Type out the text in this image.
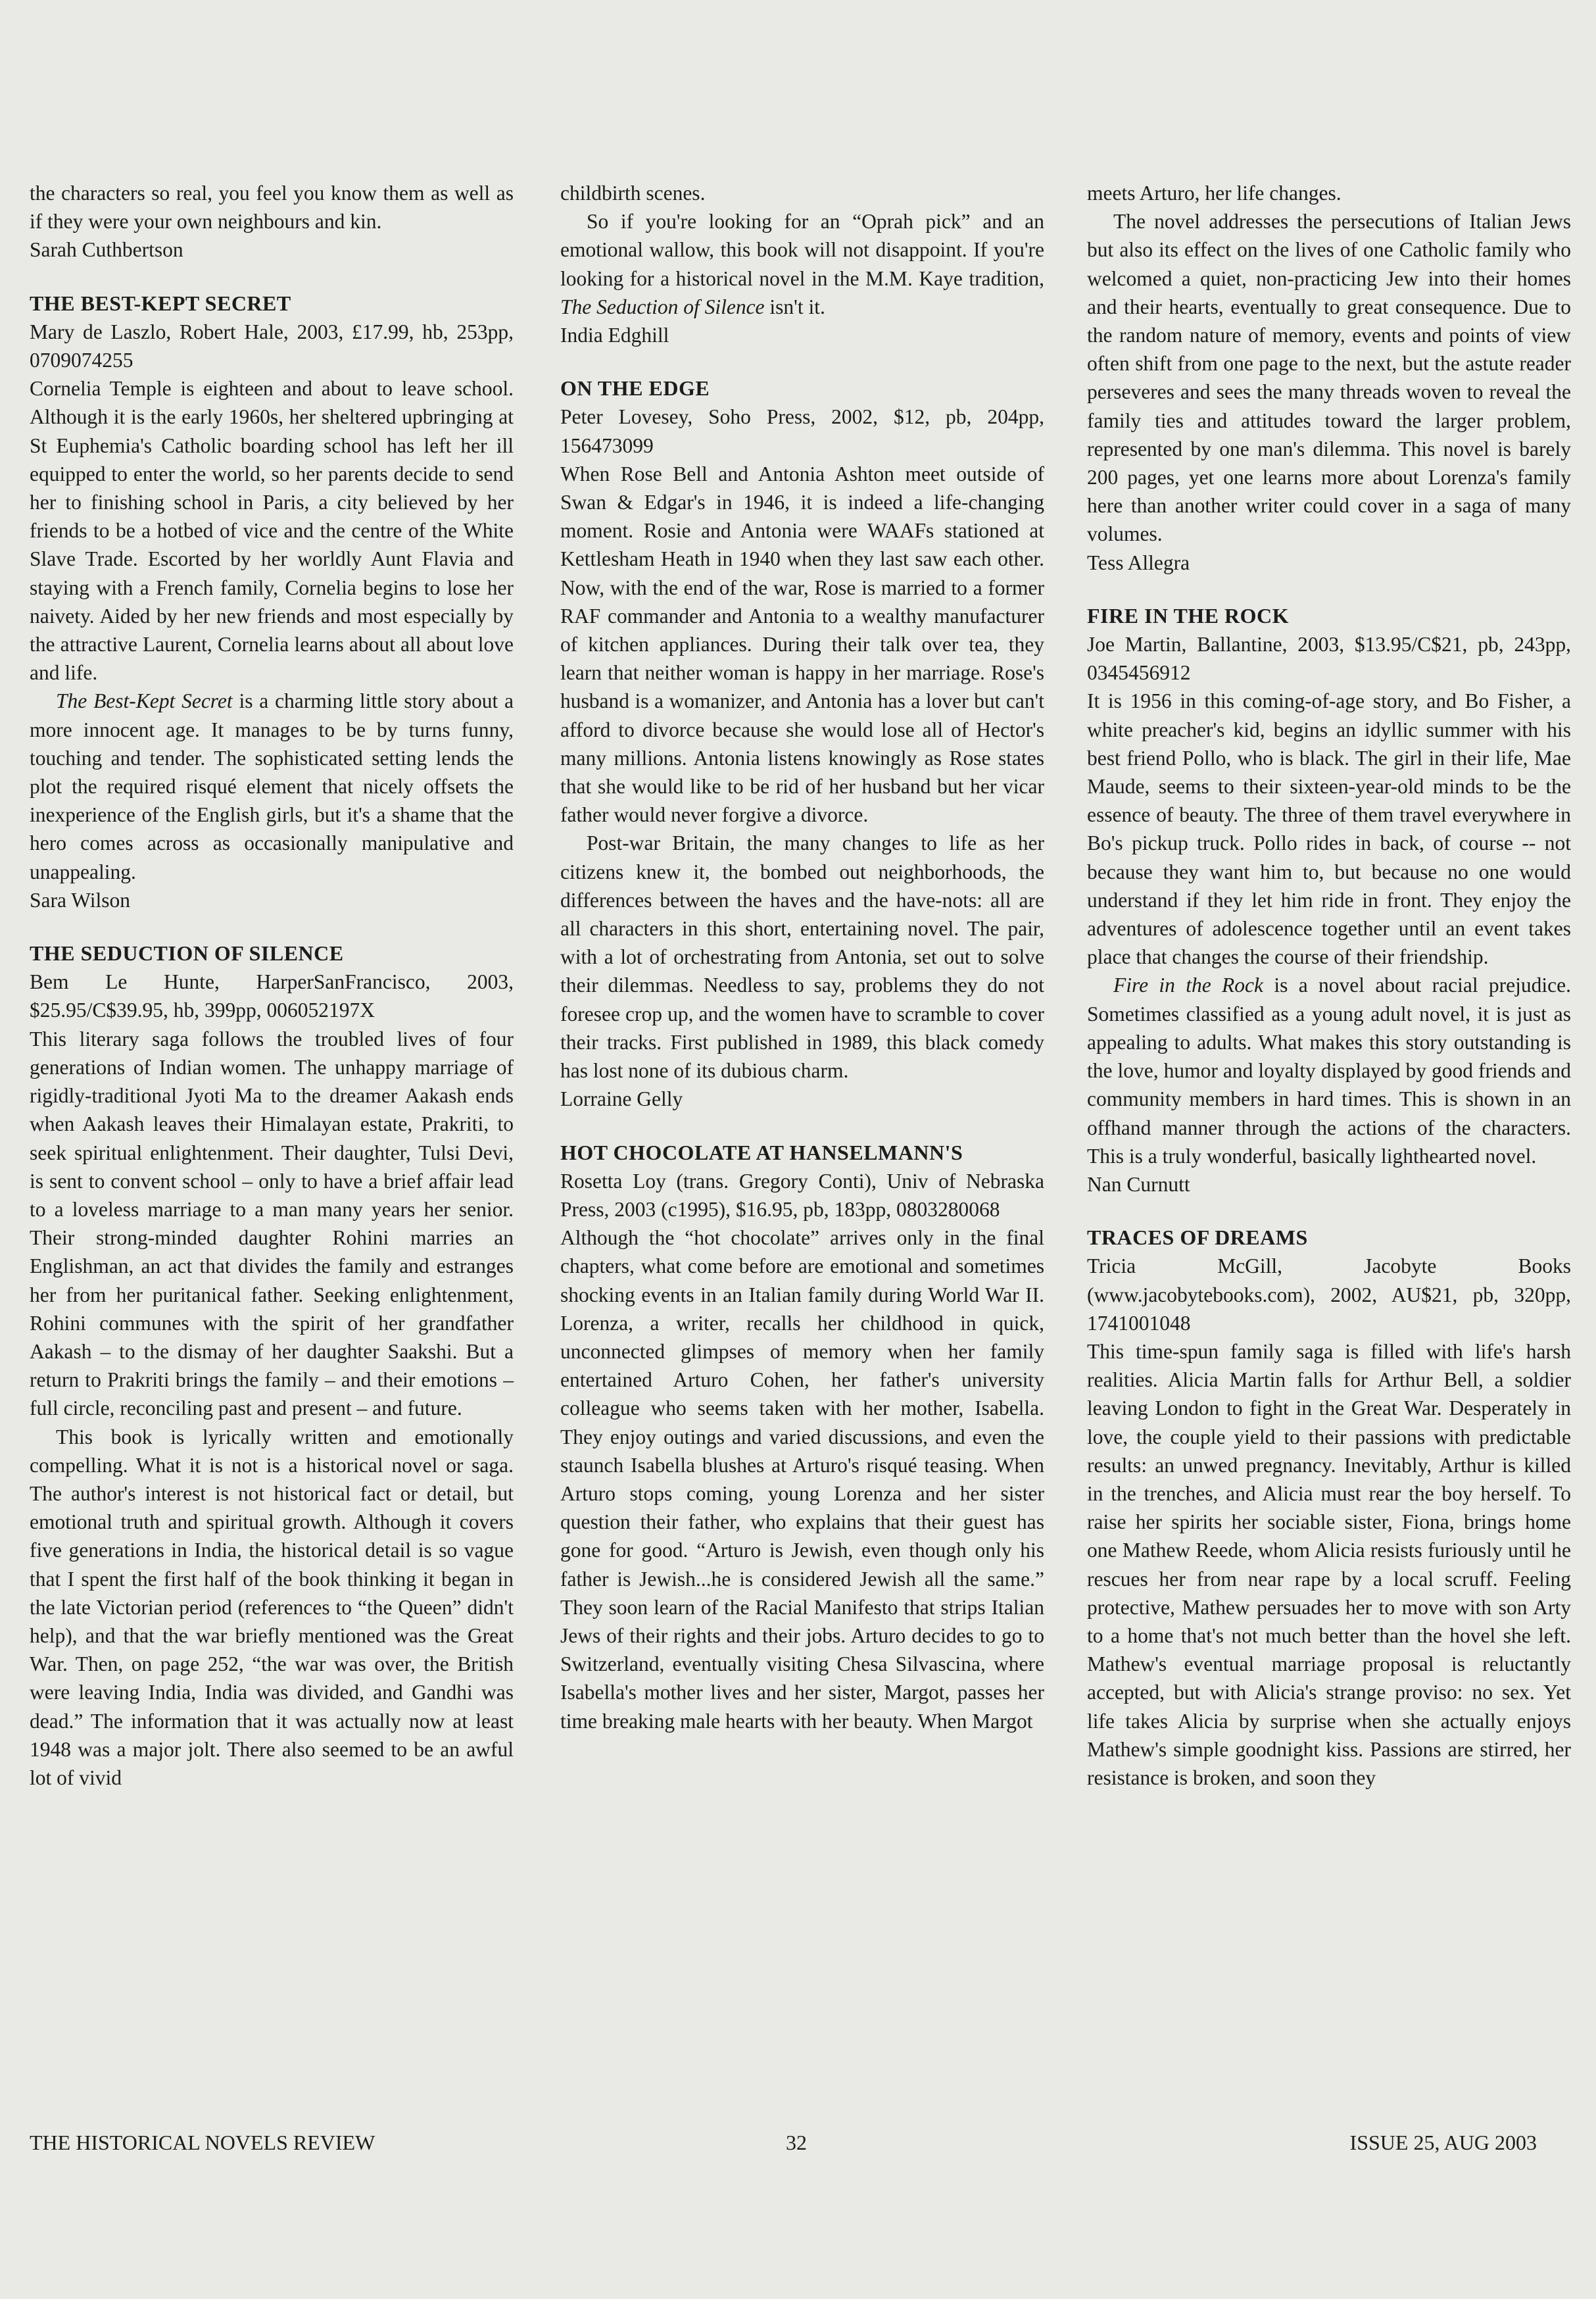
the characters so real, you feel you know them as well as if they were your own neighbours and kin.

Sarah Cuthbertson

THE BEST-KEPT SECRET

Mary de Laszlo, Robert Hale, 2003, £17.99, hb, 253pp, 0709074255

Cornelia Temple is eighteen and about to leave school. Although it is the early 1960s, her sheltered upbringing at St Euphemia's Catholic boarding school has left her ill equipped to enter the world, so her parents decide to send her to finishing school in Paris, a city believed by her friends to be a hotbed of vice and the centre of the White Slave Trade. Escorted by her worldly Aunt Flavia and staying with a French family, Cornelia begins to lose her naivety. Aided by her new friends and most especially by the attractive Laurent, Cornelia learns about all about love and life.

The Best-Kept Secret is a charming little story about a more innocent age. It manages to be by turns funny, touching and tender. The sophisticated setting lends the plot the required risqué element that nicely offsets the inexperience of the English girls, but it's a shame that the hero comes across as occasionally manipulative and unappealing.

Sara Wilson

THE SEDUCTION OF SILENCE

Bem Le Hunte, HarperSanFrancisco, 2003, $25.95/C$39.95, hb, 399pp, 006052197X

This literary saga follows the troubled lives of four generations of Indian women. The unhappy marriage of rigidly-traditional Jyoti Ma to the dreamer Aakash ends when Aakash leaves their Himalayan estate, Prakriti, to seek spiritual enlightenment. Their daughter, Tulsi Devi, is sent to convent school – only to have a brief affair lead to a loveless marriage to a man many years her senior. Their strong-minded daughter Rohini marries an Englishman, an act that divides the family and estranges her from her puritanical father. Seeking enlightenment, Rohini communes with the spirit of her grandfather Aakash – to the dismay of her daughter Saakshi. But a return to Prakriti brings the family – and their emotions – full circle, reconciling past and present – and future.

This book is lyrically written and emotionally compelling. What it is not is a historical novel or saga. The author's interest is not historical fact or detail, but emotional truth and spiritual growth. Although it covers five generations in India, the historical detail is so vague that I spent the first half of the book thinking it began in the late Victorian period (references to “the Queen” didn't help), and that the war briefly mentioned was the Great War. Then, on page 252, “the war was over, the British were leaving India, India was divided, and Gandhi was dead.” The information that it was actually now at least 1948 was a major jolt. There also seemed to be an awful lot of vivid

childbirth scenes.

So if you're looking for an “Oprah pick” and an emotional wallow, this book will not disappoint. If you're looking for a historical novel in the M.M. Kaye tradition, The Seduction of Silence isn't it.

India Edghill

ON THE EDGE

Peter Lovesey, Soho Press, 2002, $12, pb, 204pp, 156473099

When Rose Bell and Antonia Ashton meet outside of Swan & Edgar's in 1946, it is indeed a life-changing moment. Rosie and Antonia were WAAFs stationed at Kettlesham Heath in 1940 when they last saw each other. Now, with the end of the war, Rose is married to a former RAF commander and Antonia to a wealthy manufacturer of kitchen appliances. During their talk over tea, they learn that neither woman is happy in her marriage. Rose's husband is a womanizer, and Antonia has a lover but can't afford to divorce because she would lose all of Hector's many millions. Antonia listens knowingly as Rose states that she would like to be rid of her husband but her vicar father would never forgive a divorce.

Post-war Britain, the many changes to life as her citizens knew it, the bombed out neighborhoods, the differences between the haves and the have-nots: all are all characters in this short, entertaining novel. The pair, with a lot of orchestrating from Antonia, set out to solve their dilemmas. Needless to say, problems they do not foresee crop up, and the women have to scramble to cover their tracks. First published in 1989, this black comedy has lost none of its dubious charm.

Lorraine Gelly

HOT CHOCOLATE AT HANSELMANN'S

Rosetta Loy (trans. Gregory Conti), Univ of Nebraska Press, 2003 (c1995), $16.95, pb, 183pp, 0803280068

Although the “hot chocolate” arrives only in the final chapters, what come before are emotional and sometimes shocking events in an Italian family during World War II. Lorenza, a writer, recalls her childhood in quick, unconnected glimpses of memory when her family entertained Arturo Cohen, her father's university colleague who seems taken with her mother, Isabella. They enjoy outings and varied discussions, and even the staunch Isabella blushes at Arturo's risqué teasing. When Arturo stops coming, young Lorenza and her sister question their father, who explains that their guest has gone for good. “Arturo is Jewish, even though only his father is Jewish...he is considered Jewish all the same.” They soon learn of the Racial Manifesto that strips Italian Jews of their rights and their jobs. Arturo decides to go to Switzerland, eventually visiting Chesa Silvascina, where Isabella's mother lives and her sister, Margot, passes her time breaking male hearts with her beauty. When Margot

meets Arturo, her life changes.

The novel addresses the persecutions of Italian Jews but also its effect on the lives of one Catholic family who welcomed a quiet, non-practicing Jew into their homes and their hearts, eventually to great consequence. Due to the random nature of memory, events and points of view often shift from one page to the next, but the astute reader perseveres and sees the many threads woven to reveal the family ties and attitudes toward the larger problem, represented by one man's dilemma. This novel is barely 200 pages, yet one learns more about Lorenza's family here than another writer could cover in a saga of many volumes.

Tess Allegra

FIRE IN THE ROCK

Joe Martin, Ballantine, 2003, $13.95/C$21, pb, 243pp, 0345456912

It is 1956 in this coming-of-age story, and Bo Fisher, a white preacher's kid, begins an idyllic summer with his best friend Pollo, who is black. The girl in their life, Mae Maude, seems to their sixteen-year-old minds to be the essence of beauty. The three of them travel everywhere in Bo's pickup truck. Pollo rides in back, of course -- not because they want him to, but because no one would understand if they let him ride in front. They enjoy the adventures of adolescence together until an event takes place that changes the course of their friendship.

Fire in the Rock is a novel about racial prejudice. Sometimes classified as a young adult novel, it is just as appealing to adults. What makes this story outstanding is the love, humor and loyalty displayed by good friends and community members in hard times. This is shown in an offhand manner through the actions of the characters. This is a truly wonderful, basically lighthearted novel.

Nan Curnutt

TRACES OF DREAMS

Tricia McGill, Jacobyte Books (www.jacobytebooks.com), 2002, AU$21, pb, 320pp, 1741001048

This time-spun family saga is filled with life's harsh realities. Alicia Martin falls for Arthur Bell, a soldier leaving London to fight in the Great War. Desperately in love, the couple yield to their passions with predictable results: an unwed pregnancy. Inevitably, Arthur is killed in the trenches, and Alicia must rear the boy herself. To raise her spirits her sociable sister, Fiona, brings home one Mathew Reede, whom Alicia resists furiously until he rescues her from near rape by a local scruff. Feeling protective, Mathew persuades her to move with son Arty to a home that's not much better than the hovel she left. Mathew's eventual marriage proposal is reluctantly accepted, but with Alicia's strange proviso: no sex. Yet life takes Alicia by surprise when she actually enjoys Mathew's simple goodnight kiss. Passions are stirred, her resistance is broken, and soon they

THE HISTORICAL NOVELS REVIEW	32	ISSUE 25, AUG 2003
